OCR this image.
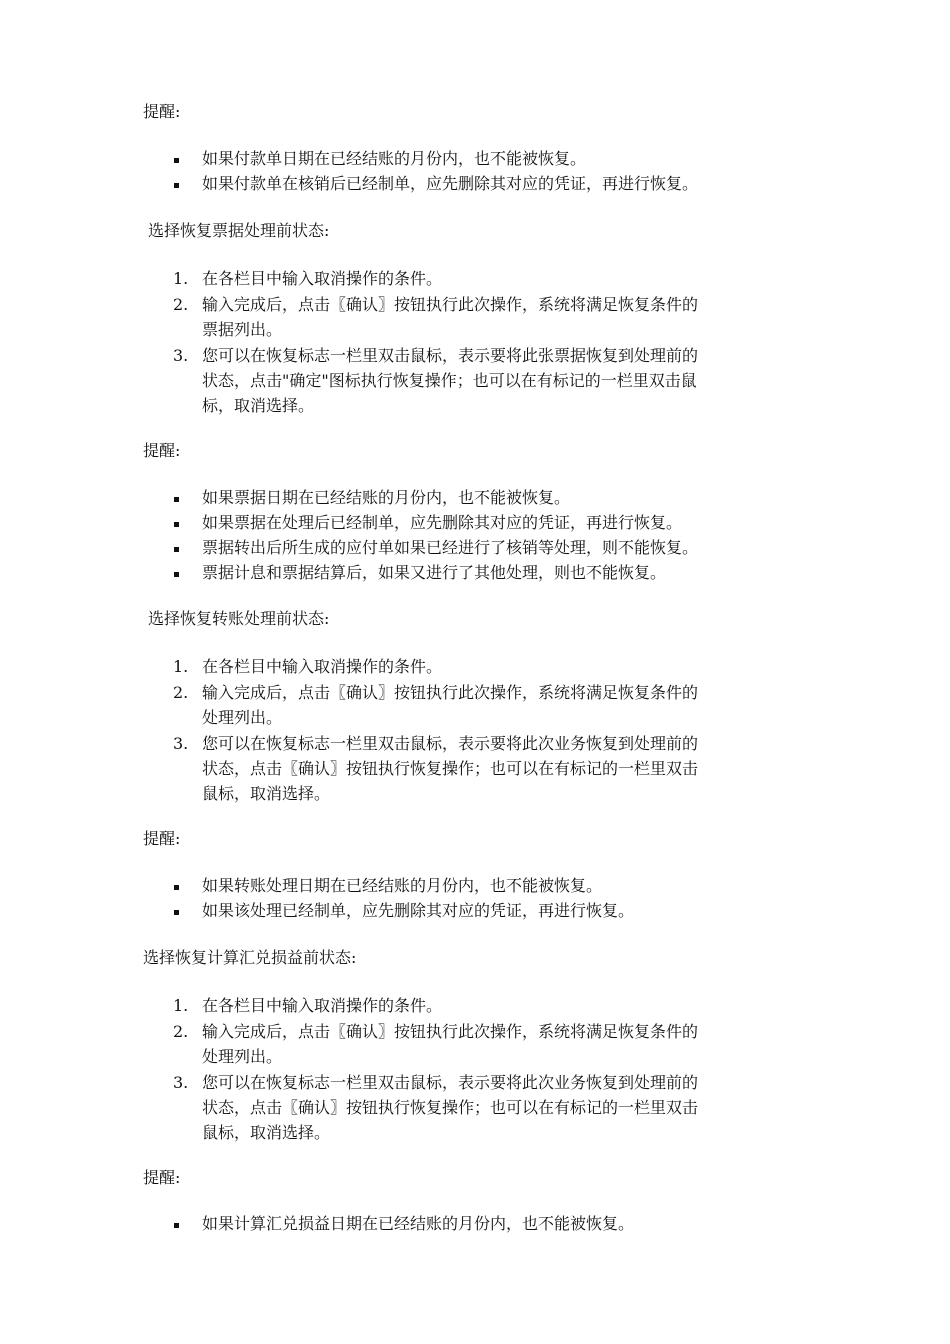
提醒:
如果付款单日期在已经结账的月份内，也不能被恢复。
如果付款单在核销后已经制单，应先删除其对应的凭证，再进行恢复。
选择恢复票据处理前状态:
1. 在各栏目中输入取消操作的条件。
2. 输入完成后，点击〖确认〗按钮执行此次操作，系统将满足恢复条件的
票据列出。
3. 您可以在恢复标志一栏里双击鼠标，表示要将此张票据恢复到处理前的
状态，点击"确定"图标执行恢复操作；也可以在有标记的一栏里双击鼠
标，取消选择。
提醒:
如果票据日期在已经结账的月份内，也不能被恢复。
如果票据在处理后已经制单，应先删除其对应的凭证，再进行恢复。
票据转出后所生成的应付单如果已经进行了核销等处理，则不能恢复。
票据计息和票据结算后，如果又进行了其他处理，则也不能恢复。
选择恢复转账处理前状态:
1. 在各栏目中输入取消操作的条件。
2. 输入完成后，点击〖确认〗按钮执行此次操作，系统将满足恢复条件的
处理列出。
3. 您可以在恢复标志一栏里双击鼠标，表示要将此次业务恢复到处理前的
状态，点击〖确认〗按钮执行恢复操作；也可以在有标记的一栏里双击
鼠标，取消选择。
提醒:
如果转账处理日期在已经结账的月份内，也不能被恢复。
如果该处理已经制单，应先删除其对应的凭证，再进行恢复。
选择恢复计算汇兑损益前状态:
1. 在各栏目中输入取消操作的条件。
2. 输入完成后，点击〖确认〗按钮执行此次操作，系统将满足恢复条件的
处理列出。
3. 您可以在恢复标志一栏里双击鼠标，表示要将此次业务恢复到处理前的
状态，点击〖确认〗按钮执行恢复操作；也可以在有标记的一栏里双击
鼠标，取消选择。
提醒:
如果计算汇兑损益日期在已经结账的月份内，也不能被恢复。
